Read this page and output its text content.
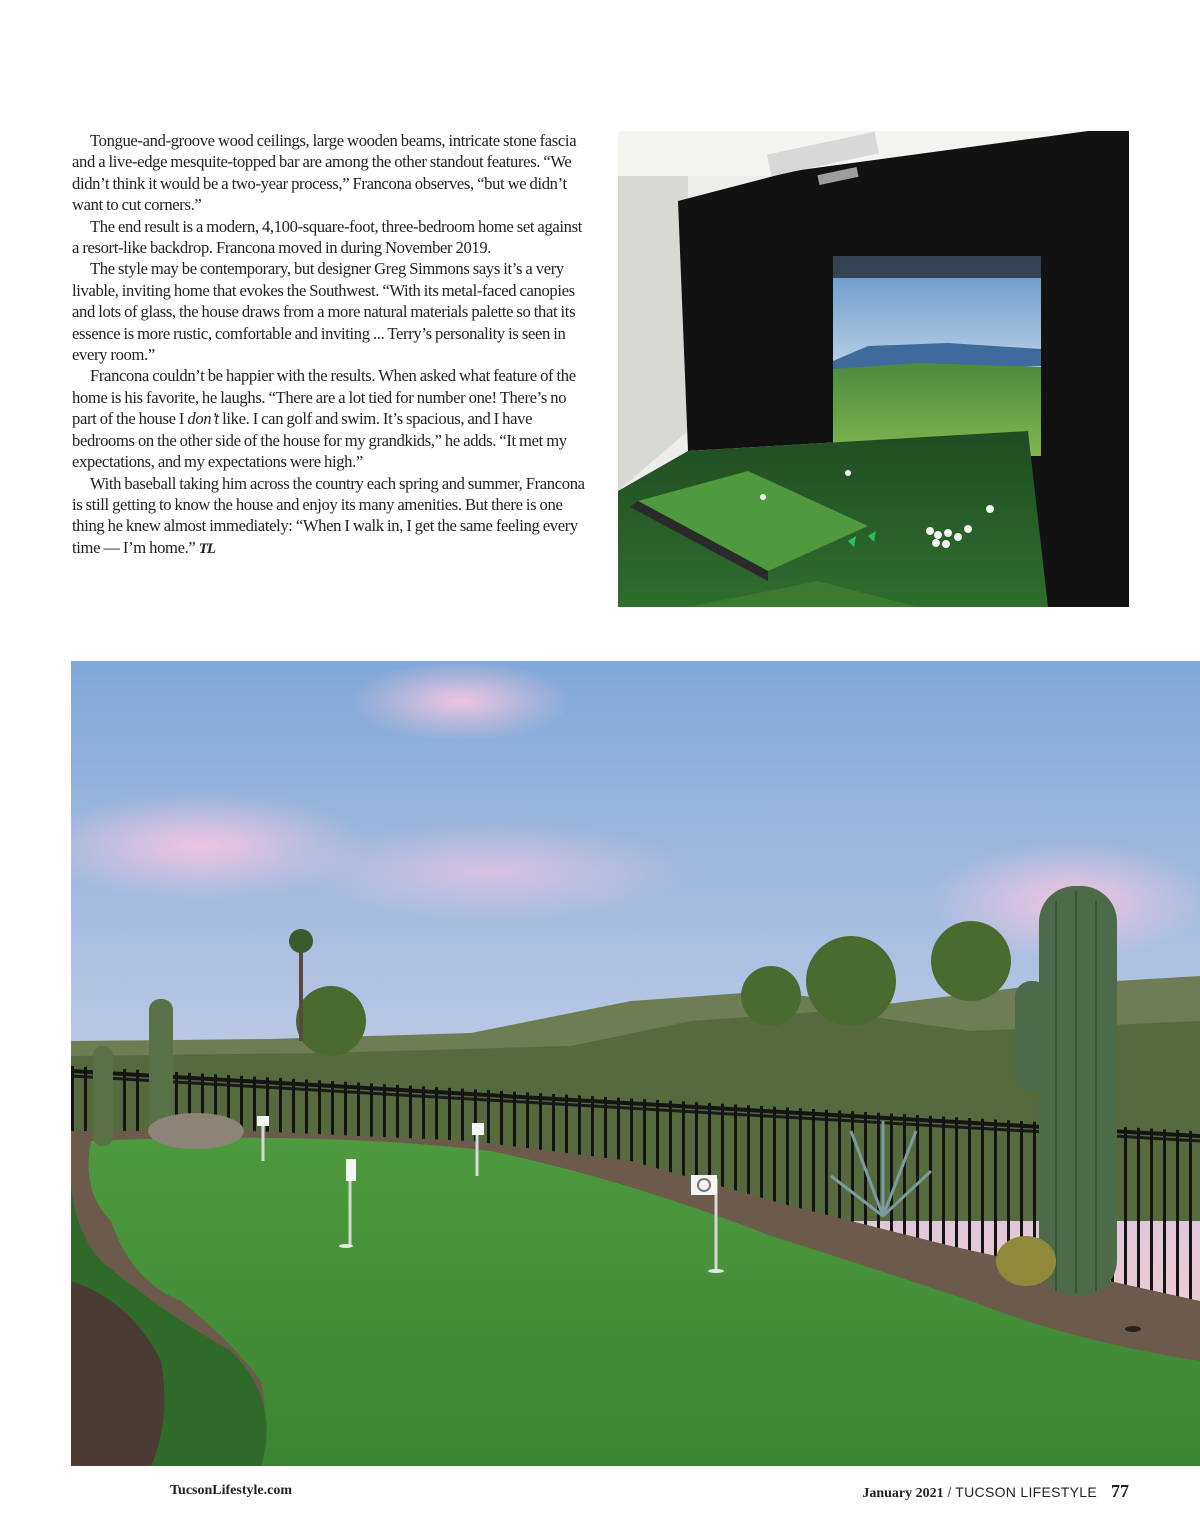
Tongue-and-groove wood ceilings, large wooden beams, intricate stone fascia and a live-edge mesquite-topped bar are among the other standout features. “We didn’t think it would be a two-year process,” Francona observes, “but we didn’t want to cut corners.”

The end result is a modern, 4,100-square-foot, three-bedroom home set against a resort-like backdrop. Francona moved in during November 2019.

The style may be contemporary, but designer Greg Simmons says it’s a very livable, inviting home that evokes the Southwest. “With its metal-faced canopies and lots of glass, the house draws from a more natural materials palette so that its essence is more rustic, comfortable and inviting ... Terry’s personality is seen in every room.”

Francona couldn’t be happier with the results. When asked what feature of the home is his favorite, he laughs. “There are a lot tied for number one! There’s no part of the house I don’t like. I can golf and swim. It’s spacious, and I have bedrooms on the other side of the house for my grandkids,” he adds. “It met my expectations, and my expectations were high.”

With baseball taking him across the country each spring and summer, Francona is still getting to know the house and enjoy its many amenities. But there is one thing he knew almost immediately: “When I walk in, I get the same feeling every time — I’m home.” TL

TucsonLifestyle.com	January 2021 / TUCSON LIFESTYLE 77
